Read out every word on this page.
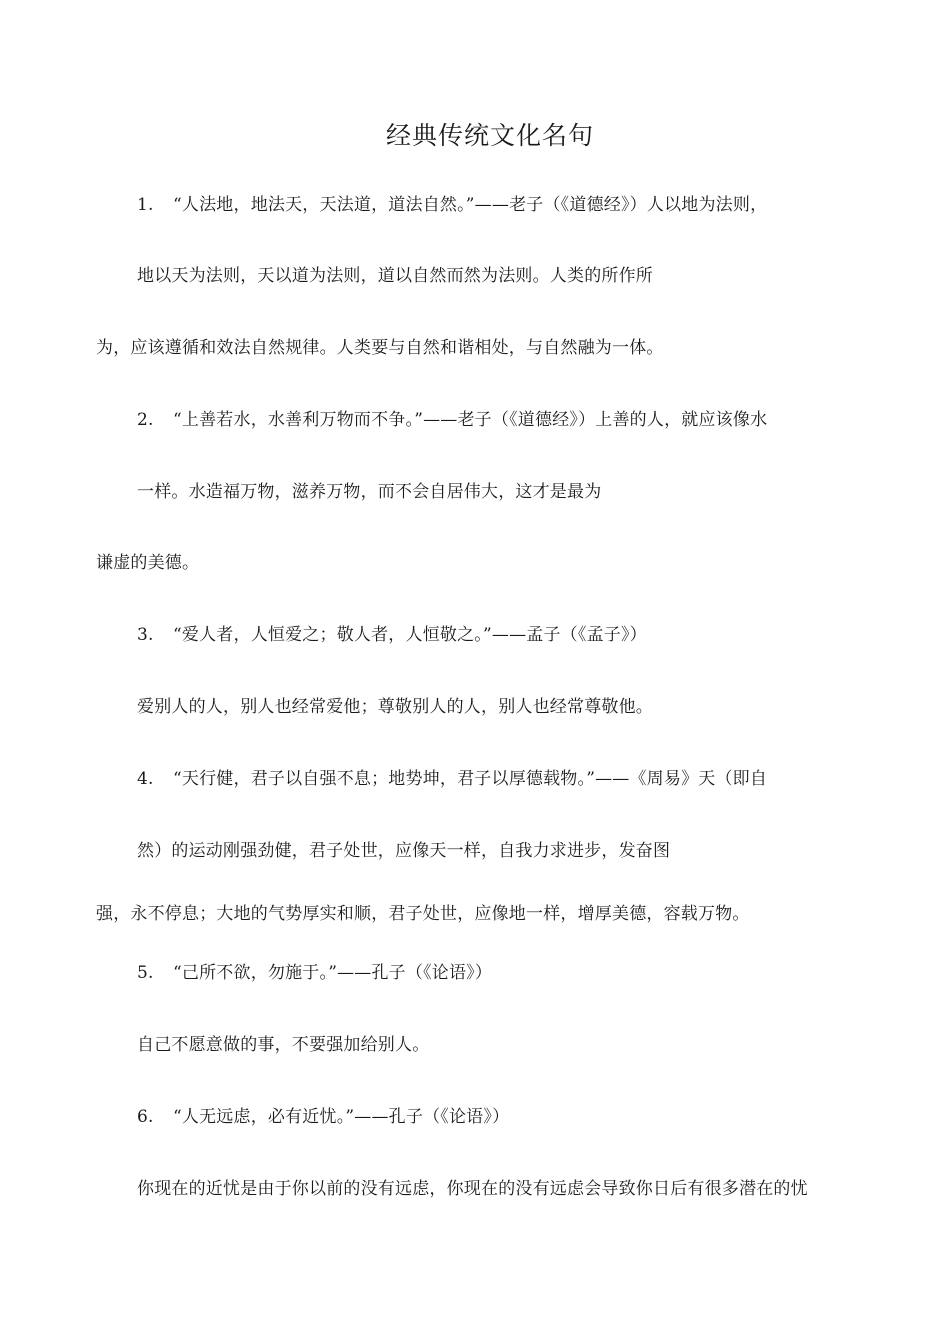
经典传统文化名句
1. “人法地，地法天，天法道，道法自然。”——老子（《道德经》）人以地为法则，
地以天为法则，天以道为法则，道以自然而然为法则。人类的所作所
为，应该遵循和效法自然规律。人类要与自然和谐相处，与自然融为一体。
2. “上善若水，水善利万物而不争。”——老子（《道德经》）上善的人，就应该像水
一样。水造福万物，滋养万物，而不会自居伟大，这才是最为
谦虚的美德。
3. “爱人者，人恒爱之；敬人者，人恒敬之。”——孟子（《孟子》）
爱别人的人，别人也经常爱他；尊敬别人的人，别人也经常尊敬他。
4. “天行健，君子以自强不息；地势坤，君子以厚德载物。”——《周易》天（即自
然）的运动刚强劲健，君子处世，应像天一样，自我力求进步，发奋图
强，永不停息；大地的气势厚实和顺，君子处世，应像地一样，增厚美德，容载万物。
5. “己所不欲，勿施于。”——孔子（《论语》）
自己不愿意做的事，不要强加给别人。
6. “人无远虑，必有近忧。”——孔子（《论语》）
你现在的近忧是由于你以前的没有远虑，你现在的没有远虑会导致你日后有很多潜在的忧
